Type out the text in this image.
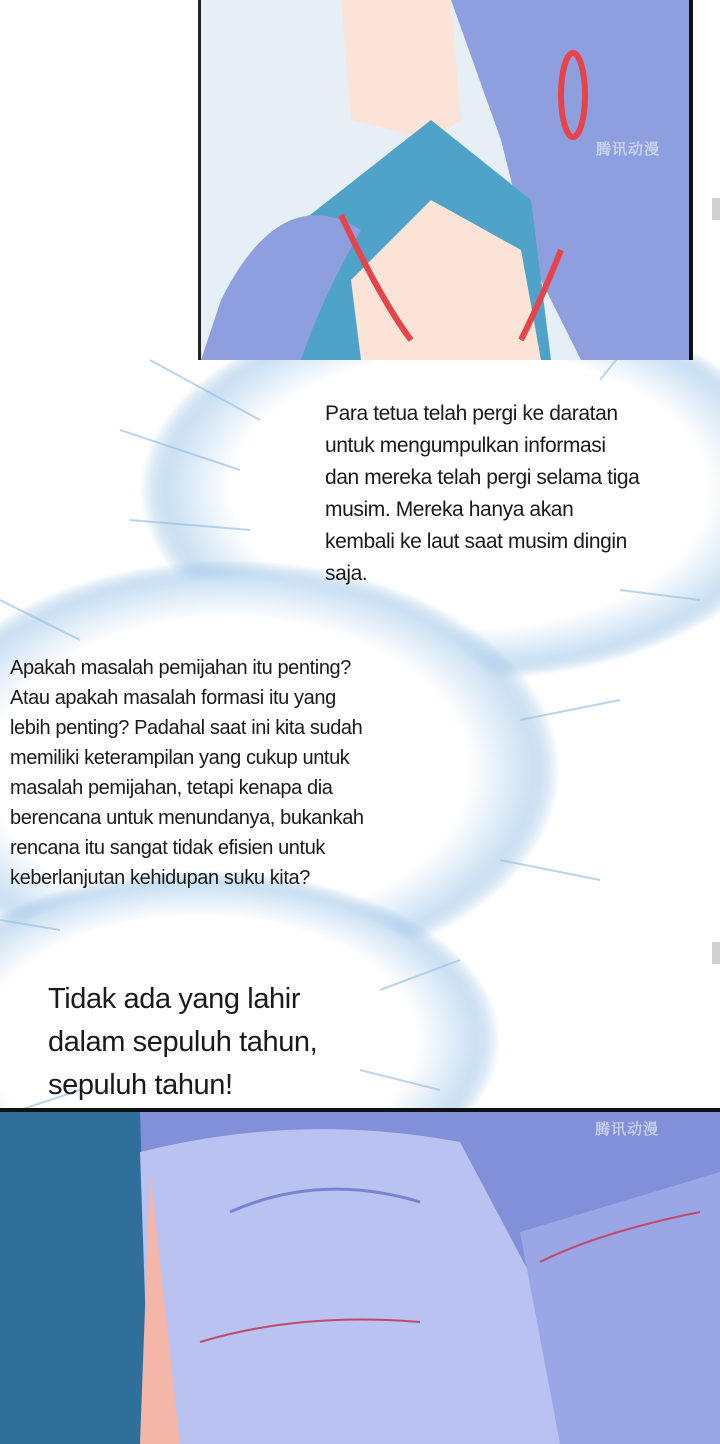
腾讯动漫
Para tetua telah pergi ke daratan
untuk mengumpulkan informasi
dan mereka telah pergi selama tiga
musim. Mereka hanya akan
kembali ke laut saat musim dingin
saja.
Apakah masalah pemijahan itu penting?
Atau apakah masalah formasi itu yang
lebih penting? Padahal saat ini kita sudah
memiliki keterampilan yang cukup untuk
masalah pemijahan, tetapi kenapa dia
berencana untuk menundanya, bukankah
rencana itu sangat tidak efisien untuk
keberlanjutan kehidupan suku kita?
Tidak ada yang lahir
dalam sepuluh tahun,
sepuluh tahun!
腾讯动漫
